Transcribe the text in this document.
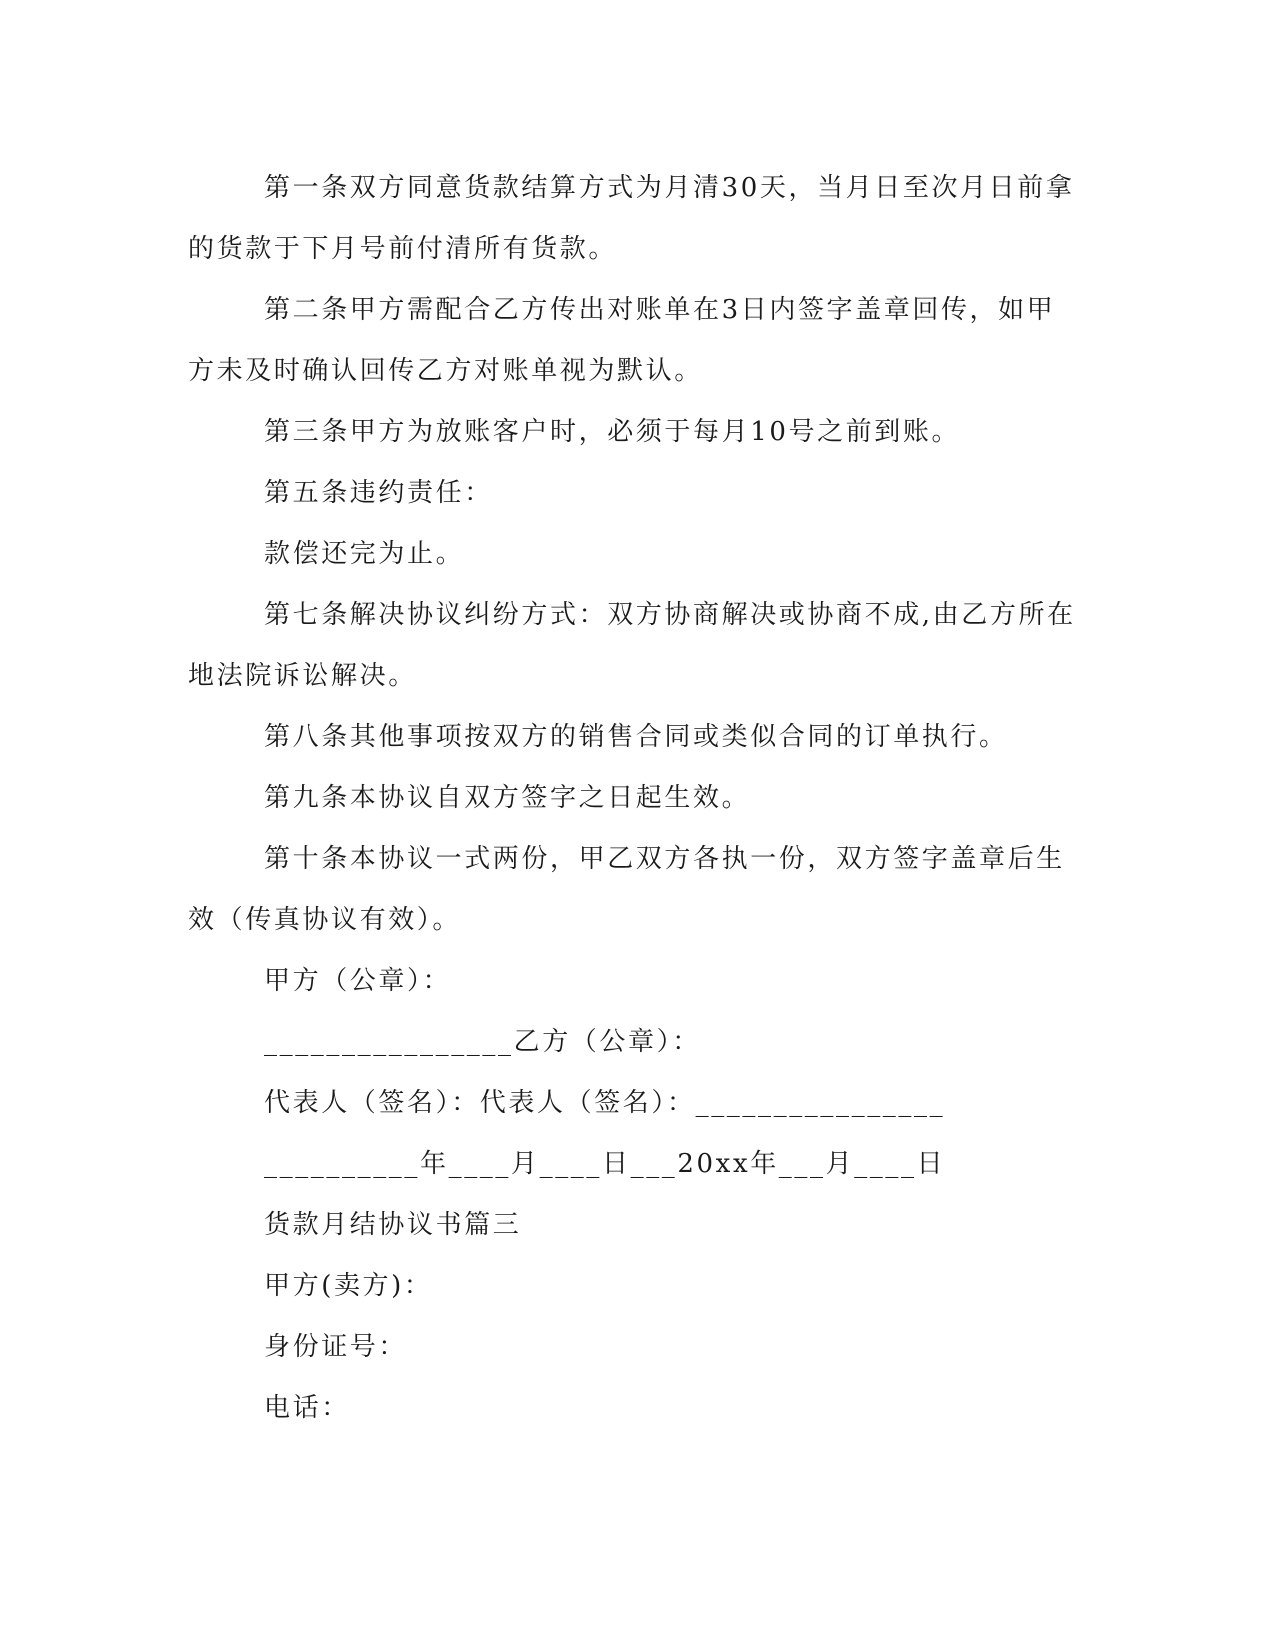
第一条双方同意货款结算方式为月清30天，当月日至次月日前拿的货款于下月号前付清所有货款。

第二条甲方需配合乙方传出对账单在3日内签字盖章回传，如甲方未及时确认回传乙方对账单视为默认。

第三条甲方为放账客户时，必须于每月10号之前到账。

第五条违约责任：

款偿还完为止。

第七条解决协议纠纷方式：双方协商解决或协商不成,由乙方所在地法院诉讼解决。

第八条其他事项按双方的销售合同或类似合同的订单执行。

第九条本协议自双方签字之日起生效。

第十条本协议一式两份，甲乙双方各执一份，双方签字盖章后生效（传真协议有效）。

甲方（公章）：

________________乙方（公章）：

代表人（签名）：代表人（签名）：________________

__________年____月____日___20xx年___月____日

货款月结协议书篇三

甲方(卖方)：

身份证号：

电话：
